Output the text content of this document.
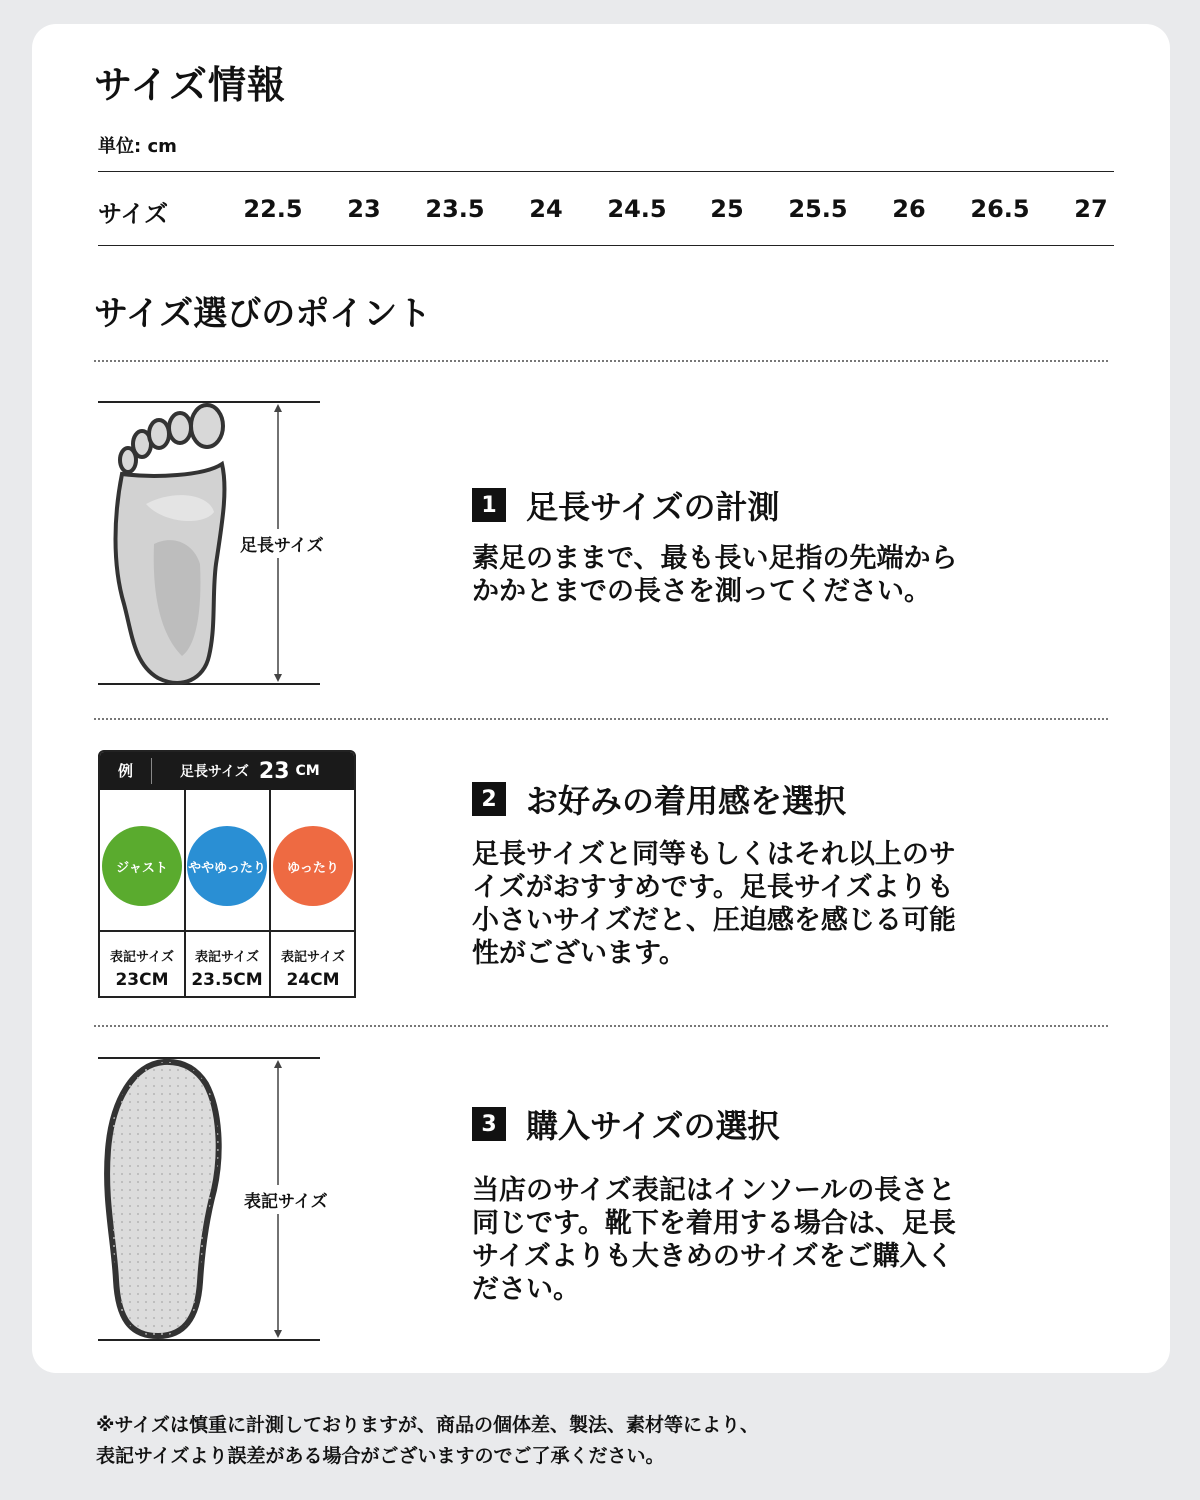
サイズ情報
単位: cm
サイズ	22.5	23	23.5	24	24.5	25	25.5	26	26.5	27
サイズ選びのポイント
足長サイズ
1 足長サイズの計測
素足のままで、最も長い足指の先端から
かかとまでの長さを測ってください。
例	足長サイズ 23 CM
ジャスト	ややゆったり	ゆったり
表記サイズ	表記サイズ	表記サイズ
23CM	23.5CM	24CM
2 お好みの着用感を選択
足長サイズと同等もしくはそれ以上のサ
イズがおすすめです。足長サイズよりも
小さいサイズだと、圧迫感を感じる可能
性がございます。
表記サイズ
3 購入サイズの選択
当店のサイズ表記はインソールの長さと
同じです。靴下を着用する場合は、足長
サイズよりも大きめのサイズをご購入く
ださい。
※サイズは慎重に計測しておりますが、商品の個体差、製法、素材等により、
表記サイズより誤差がある場合がございますのでご了承ください。
